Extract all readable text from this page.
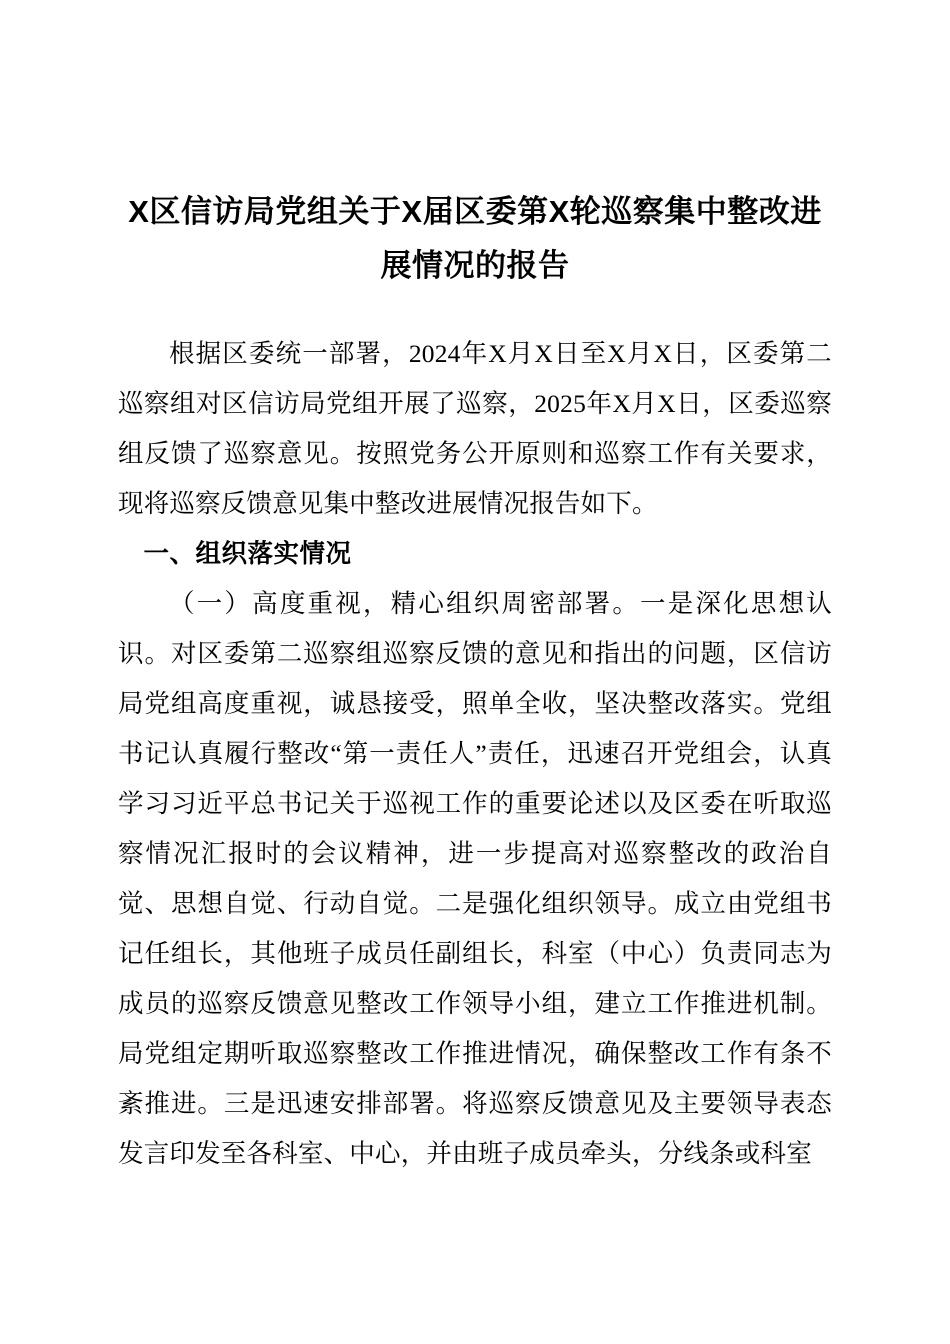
X区信访局党组关于X届区委第X轮巡察集中整改进展情况的报告

根据区委统一部署，2024年X月X日至X月X日，区委第二巡察组对区信访局党组开展了巡察，2025年X月X日，区委巡察组反馈了巡察意见。按照党务公开原则和巡察工作有关要求，现将巡察反馈意见集中整改进展情况报告如下。

一、组织落实情况

（一）高度重视，精心组织周密部署。一是深化思想认识。对区委第二巡察组巡察反馈的意见和指出的问题，区信访局党组高度重视，诚恳接受，照单全收，坚决整改落实。党组书记认真履行整改“第一责任人”责任，迅速召开党组会，认真学习习近平总书记关于巡视工作的重要论述以及区委在听取巡察情况汇报时的会议精神，进一步提高对巡察整改的政治自觉、思想自觉、行动自觉。二是强化组织领导。成立由党组书记任组长，其他班子成员任副组长，科室（中心）负责同志为成员的巡察反馈意见整改工作领导小组，建立工作推进机制。局党组定期听取巡察整改工作推进情况，确保整改工作有条不紊推进。三是迅速安排部署。将巡察反馈意见及主要领导表态发言印发至各科室、中心，并由班子成员牵头，分线条或科室
